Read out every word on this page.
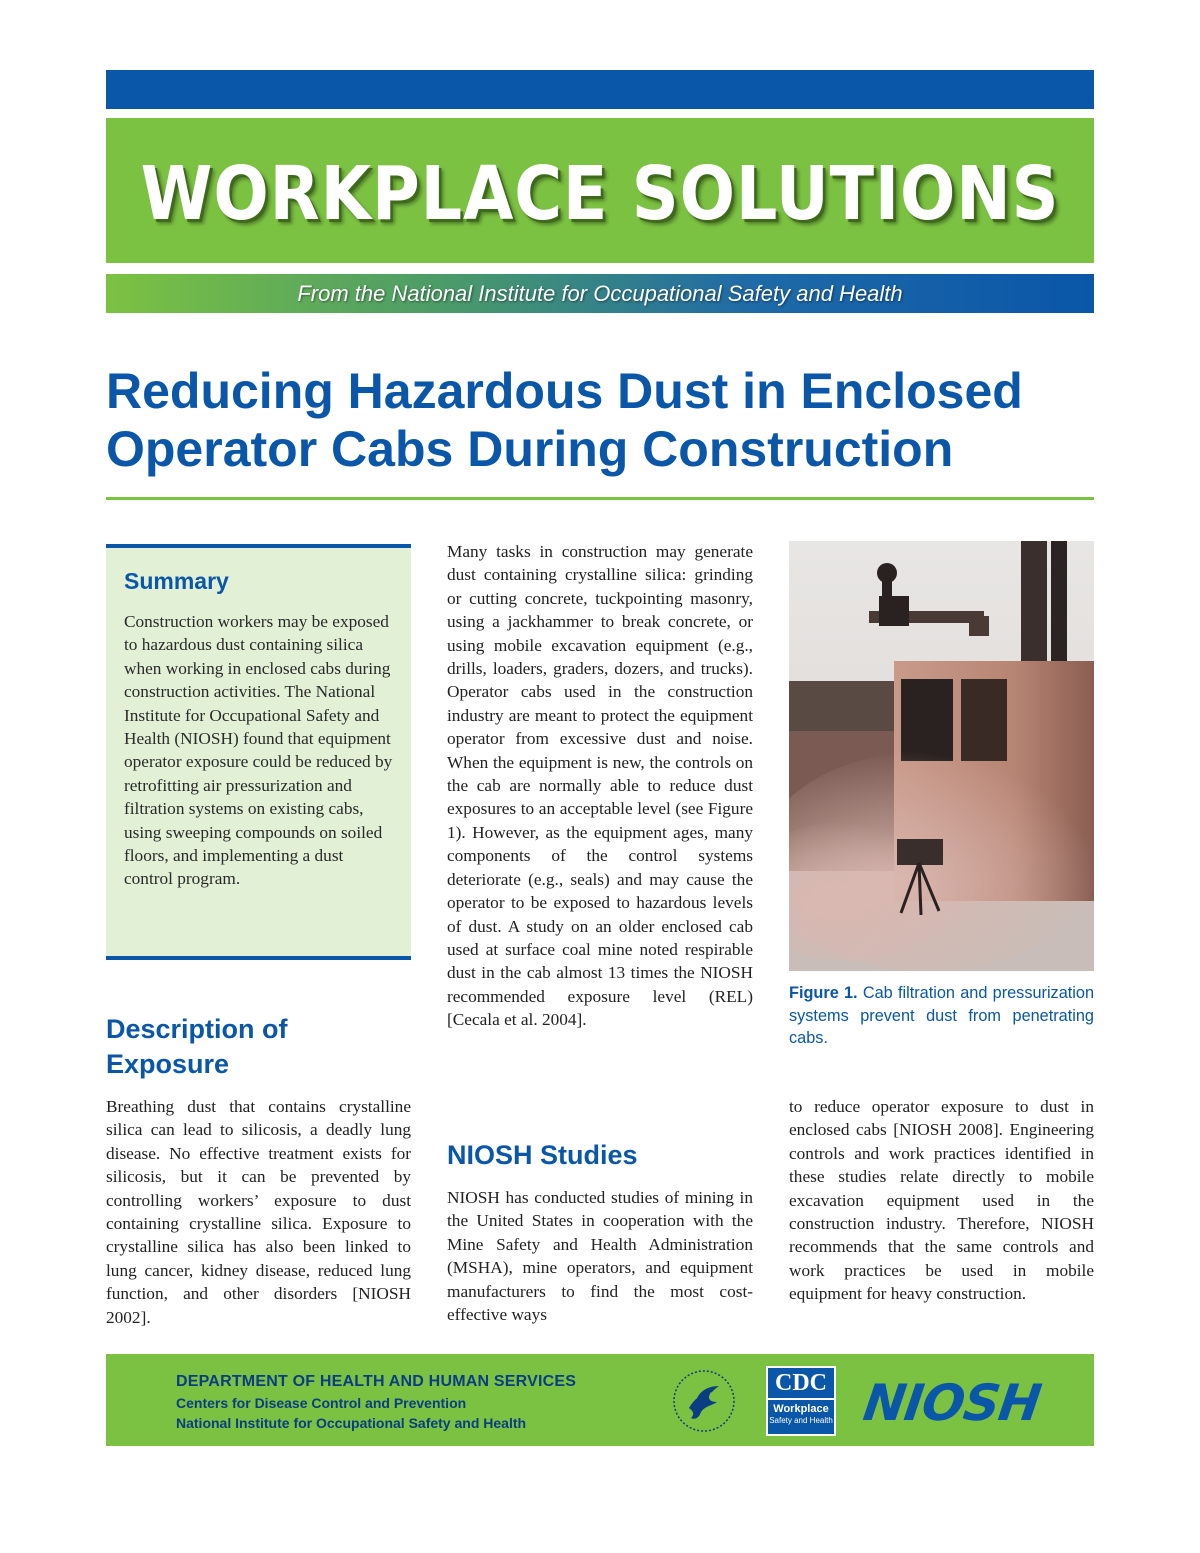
WORKPLACE SOLUTIONS
From the National Institute for Occupational Safety and Health
Reducing Hazardous Dust in Enclosed Operator Cabs During Construction
Summary
Construction workers may be exposed to hazardous dust containing silica when working in enclosed cabs during construction activities. The National Institute for Occupational Safety and Health (NIOSH) found that equipment operator exposure could be reduced by retrofitting air pressurization and filtration systems on existing cabs, using sweeping compounds on soiled floors, and implementing a dust control program.
Description of Exposure
Breathing dust that contains crystalline silica can lead to silicosis, a deadly lung disease. No effective treatment exists for silicosis, but it can be prevented by controlling workers’ exposure to dust containing crystalline silica. Exposure to crystalline silica has also been linked to lung cancer, kidney disease, reduced lung function, and other disorders [NIOSH 2002].
Many tasks in construction may generate dust containing crystalline silica: grinding or cutting concrete, tuckpointing masonry, using a jackhammer to break concrete, or using mobile excavation equipment (e.g., drills, loaders, graders, dozers, and trucks). Operator cabs used in the construction industry are meant to protect the equipment operator from excessive dust and noise. When the equipment is new, the controls on the cab are normally able to reduce dust exposures to an acceptable level (see Figure 1). However, as the equipment ages, many components of the control systems deteriorate (e.g., seals) and may cause the operator to be exposed to hazardous levels of dust. A study on an older enclosed cab used at surface coal mine noted respirable dust in the cab almost 13 times the NIOSH recommended exposure level (REL) [Cecala et al. 2004].
NIOSH Studies
NIOSH has conducted studies of mining in the United States in cooperation with the Mine Safety and Health Administration (MSHA), mine operators, and equipment manufacturers to find the most cost-effective ways
Figure 1. Cab filtration and pressurization systems prevent dust from penetrating cabs.
to reduce operator exposure to dust in enclosed cabs [NIOSH 2008]. Engineering controls and work practices identified in these studies relate directly to mobile excavation equipment used in the construction industry. Therefore, NIOSH recommends that the same controls and work practices be used in mobile equipment for heavy construction.
DEPARTMENT OF HEALTH AND HUMAN SERVICES
Centers for Disease Control and Prevention
National Institute for Occupational Safety and Health
CDC
Workplace
Safety and Health NIOSH
